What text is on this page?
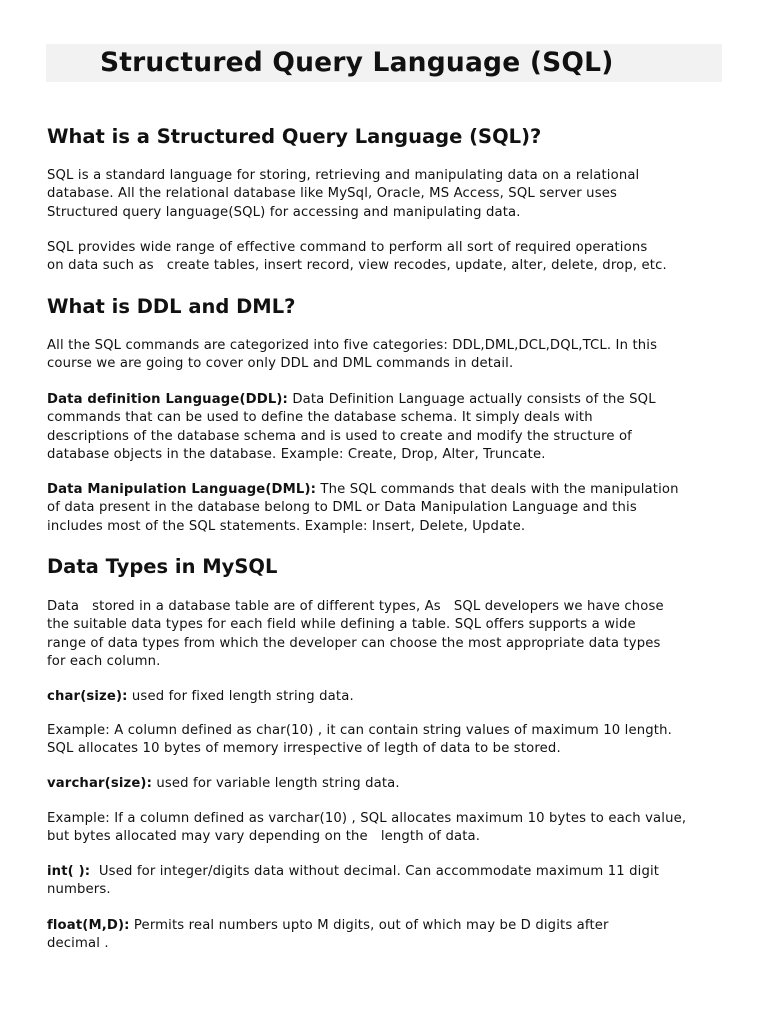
Structured Query Language (SQL)
What is a Structured Query Language (SQL)?

SQL is a standard language for storing, retrieving and manipulating data on a relational
database. All the relational database like MySql, Oracle, MS Access, SQL server uses
Structured query language(SQL) for accessing and manipulating data.

SQL provides wide range of effective command to perform all sort of required operations
on data such as   create tables, insert record, view recodes, update, alter, delete, drop, etc.

What is DDL and DML?

All the SQL commands are categorized into five categories: DDL,DML,DCL,DQL,TCL. In this
course we are going to cover only DDL and DML commands in detail.

Data definition Language(DDL): Data Definition Language actually consists of the SQL
commands that can be used to define the database schema. It simply deals with
descriptions of the database schema and is used to create and modify the structure of
database objects in the database. Example: Create, Drop, Alter, Truncate.

Data Manipulation Language(DML): The SQL commands that deals with the manipulation
of data present in the database belong to DML or Data Manipulation Language and this
includes most of the SQL statements. Example: Insert, Delete, Update.

Data Types in MySQL

Data   stored in a database table are of different types, As   SQL developers we have chose
the suitable data types for each field while defining a table. SQL offers supports a wide
range of data types from which the developer can choose the most appropriate data types
for each column.

char(size): used for fixed length string data.

Example: A column defined as char(10) , it can contain string values of maximum 10 length.
SQL allocates 10 bytes of memory irrespective of legth of data to be stored.

varchar(size): used for variable length string data.

Example: If a column defined as varchar(10) , SQL allocates maximum 10 bytes to each value,
but bytes allocated may vary depending on the   length of data.

int( ):  Used for integer/digits data without decimal. Can accommodate maximum 11 digit
numbers.

float(M,D): Permits real numbers upto M digits, out of which may be D digits after
decimal .
